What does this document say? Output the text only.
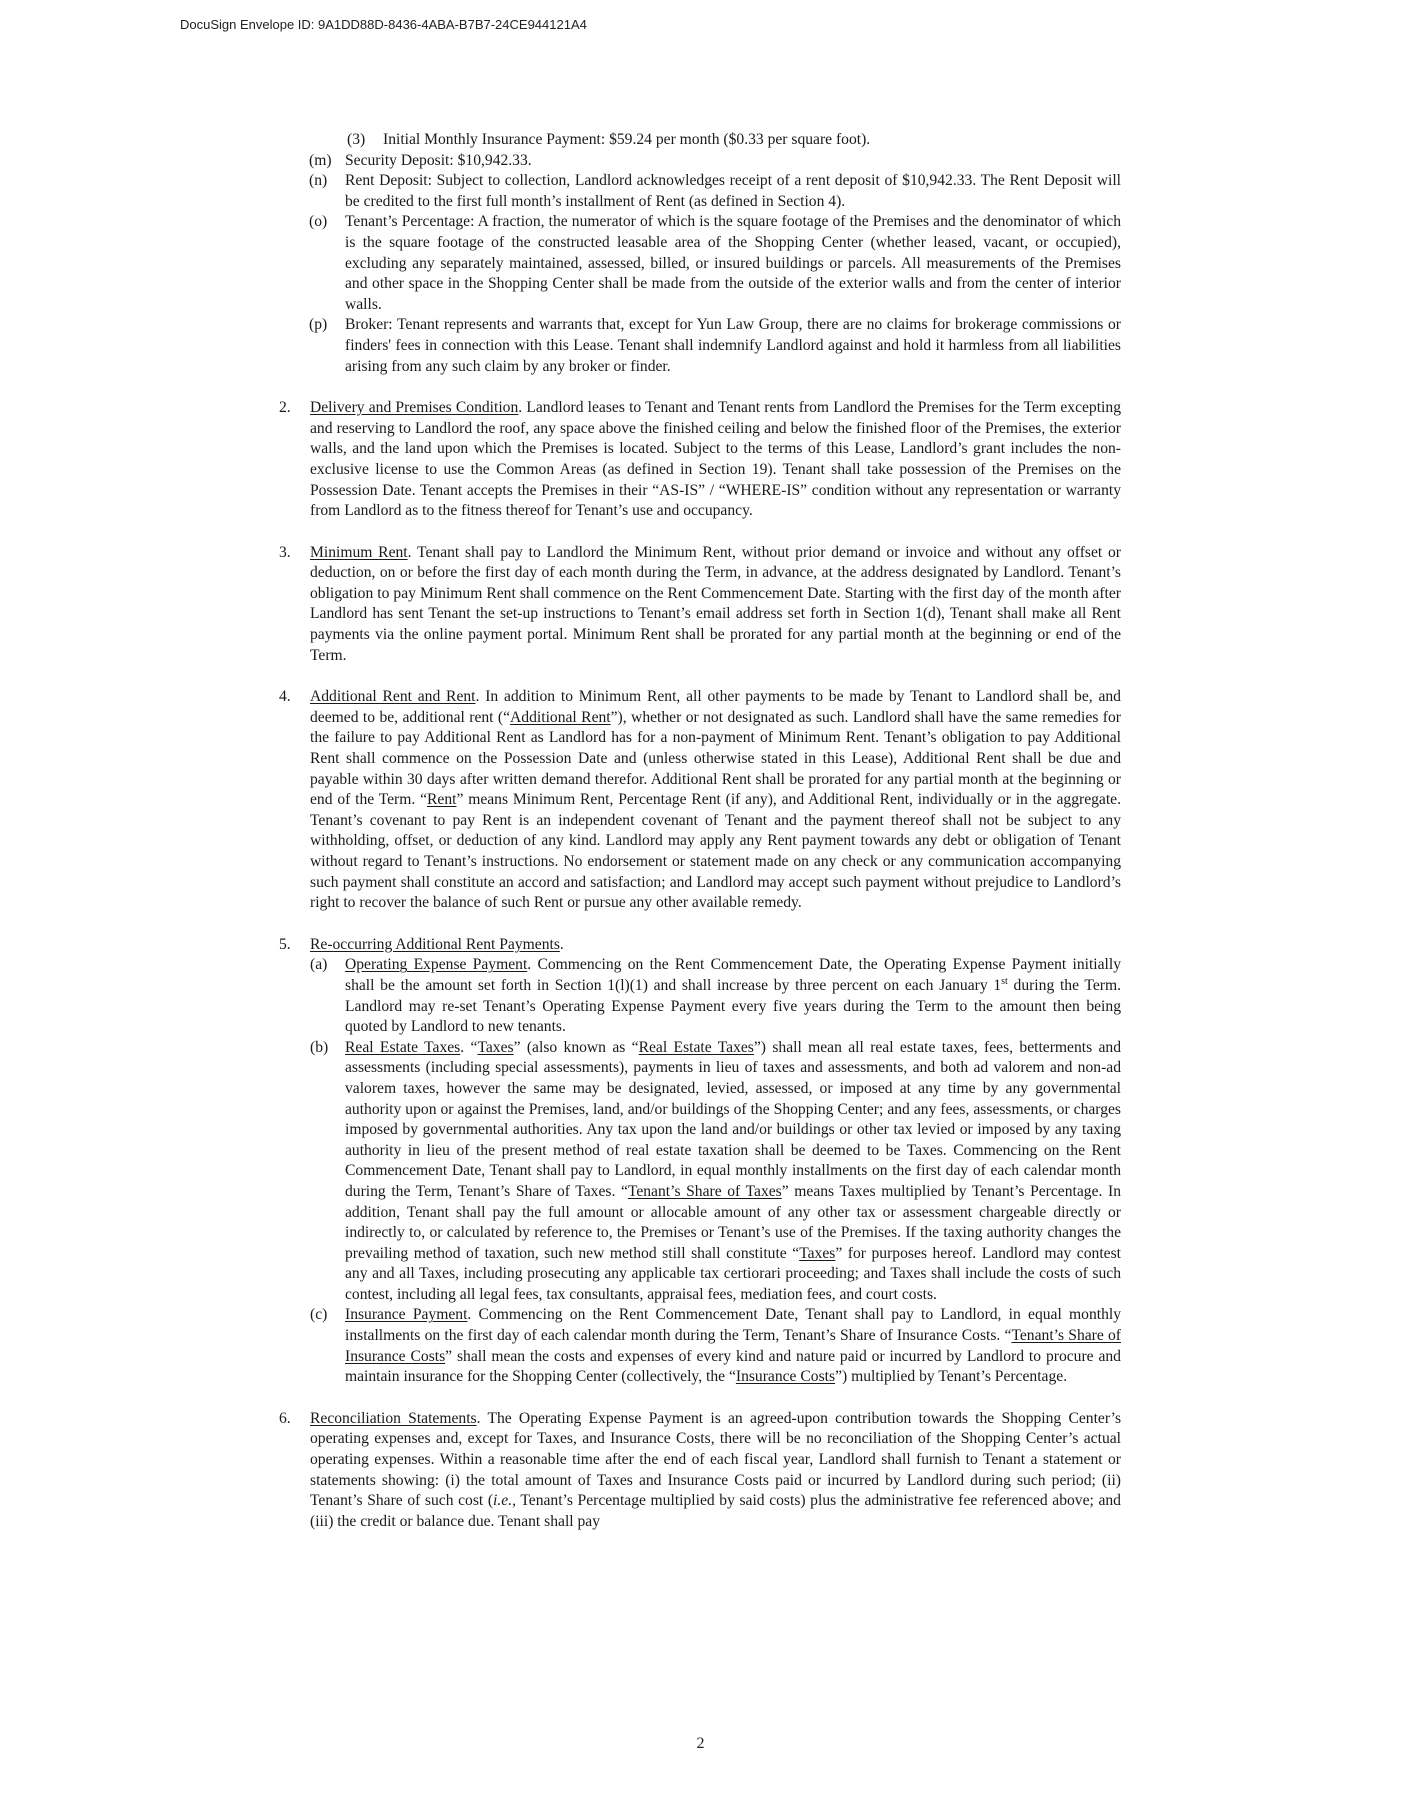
DocuSign Envelope ID: 9A1DD88D-8436-4ABA-B7B7-24CE944121A4
(3) Initial Monthly Insurance Payment: $59.24 per month ($0.33 per square foot).
(m) Security Deposit: $10,942.33.
(n) Rent Deposit: Subject to collection, Landlord acknowledges receipt of a rent deposit of $10,942.33. The Rent Deposit will be credited to the first full month’s installment of Rent (as defined in Section 4).
(o) Tenant’s Percentage: A fraction, the numerator of which is the square footage of the Premises and the denominator of which is the square footage of the constructed leasable area of the Shopping Center (whether leased, vacant, or occupied), excluding any separately maintained, assessed, billed, or insured buildings or parcels. All measurements of the Premises and other space in the Shopping Center shall be made from the outside of the exterior walls and from the center of interior walls.
(p) Broker: Tenant represents and warrants that, except for Yun Law Group, there are no claims for brokerage commissions or finders' fees in connection with this Lease. Tenant shall indemnify Landlord against and hold it harmless from all liabilities arising from any such claim by any broker or finder.
2. Delivery and Premises Condition. Landlord leases to Tenant and Tenant rents from Landlord the Premises for the Term excepting and reserving to Landlord the roof, any space above the finished ceiling and below the finished floor of the Premises, the exterior walls, and the land upon which the Premises is located. Subject to the terms of this Lease, Landlord’s grant includes the non-exclusive license to use the Common Areas (as defined in Section 19). Tenant shall take possession of the Premises on the Possession Date. Tenant accepts the Premises in their “AS-IS” / “WHERE-IS” condition without any representation or warranty from Landlord as to the fitness thereof for Tenant’s use and occupancy.

3. Minimum Rent. Tenant shall pay to Landlord the Minimum Rent, without prior demand or invoice and without any offset or deduction, on or before the first day of each month during the Term, in advance, at the address designated by Landlord. Tenant’s obligation to pay Minimum Rent shall commence on the Rent Commencement Date. Starting with the first day of the month after Landlord has sent Tenant the set-up instructions to Tenant’s email address set forth in Section 1(d), Tenant shall make all Rent payments via the online payment portal. Minimum Rent shall be prorated for any partial month at the beginning or end of the Term.

4. Additional Rent and Rent. In addition to Minimum Rent, all other payments to be made by Tenant to Landlord shall be, and deemed to be, additional rent (“Additional Rent”), whether or not designated as such. Landlord shall have the same remedies for the failure to pay Additional Rent as Landlord has for a non-payment of Minimum Rent. Tenant’s obligation to pay Additional Rent shall commence on the Possession Date and (unless otherwise stated in this Lease), Additional Rent shall be due and payable within 30 days after written demand therefor. Additional Rent shall be prorated for any partial month at the beginning or end of the Term. “Rent” means Minimum Rent, Percentage Rent (if any), and Additional Rent, individually or in the aggregate. Tenant’s covenant to pay Rent is an independent covenant of Tenant and the payment thereof shall not be subject to any withholding, offset, or deduction of any kind. Landlord may apply any Rent payment towards any debt or obligation of Tenant without regard to Tenant’s instructions. No endorsement or statement made on any check or any communication accompanying such payment shall constitute an accord and satisfaction; and Landlord may accept such payment without prejudice to Landlord’s right to recover the balance of such Rent or pursue any other available remedy.

5. Re-occurring Additional Rent Payments.

(a) Operating Expense Payment. Commencing on the Rent Commencement Date, the Operating Expense Payment initially shall be the amount set forth in Section 1(l)(1) and shall increase by three percent on each January 1st during the Term. Landlord may re-set Tenant’s Operating Expense Payment every five years during the Term to the amount then being quoted by Landlord to new tenants.

(b) Real Estate Taxes. “Taxes” (also known as “Real Estate Taxes”) shall mean all real estate taxes, fees, betterments and assessments (including special assessments), payments in lieu of taxes and assessments, and both ad valorem and non-ad valorem taxes, however the same may be designated, levied, assessed, or imposed at any time by any governmental authority upon or against the Premises, land, and/or buildings of the Shopping Center; and any fees, assessments, or charges imposed by governmental authorities. Any tax upon the land and/or buildings or other tax levied or imposed by any taxing authority in lieu of the present method of real estate taxation shall be deemed to be Taxes. Commencing on the Rent Commencement Date, Tenant shall pay to Landlord, in equal monthly installments on the first day of each calendar month during the Term, Tenant’s Share of Taxes. “Tenant’s Share of Taxes” means Taxes multiplied by Tenant’s Percentage. In addition, Tenant shall pay the full amount or allocable amount of any other tax or assessment chargeable directly or indirectly to, or calculated by reference to, the Premises or Tenant’s use of the Premises. If the taxing authority changes the prevailing method of taxation, such new method still shall constitute “Taxes” for purposes hereof. Landlord may contest any and all Taxes, including prosecuting any applicable tax certiorari proceeding; and Taxes shall include the costs of such contest, including all legal fees, tax consultants, appraisal fees, mediation fees, and court costs.

(c) Insurance Payment. Commencing on the Rent Commencement Date, Tenant shall pay to Landlord, in equal monthly installments on the first day of each calendar month during the Term, Tenant’s Share of Insurance Costs. “Tenant’s Share of Insurance Costs” shall mean the costs and expenses of every kind and nature paid or incurred by Landlord to procure and maintain insurance for the Shopping Center (collectively, the “Insurance Costs”) multiplied by Tenant’s Percentage.

6. Reconciliation Statements. The Operating Expense Payment is an agreed-upon contribution towards the Shopping Center’s operating expenses and, except for Taxes, and Insurance Costs, there will be no reconciliation of the Shopping Center’s actual operating expenses. Within a reasonable time after the end of each fiscal year, Landlord shall furnish to Tenant a statement or statements showing: (i) the total amount of Taxes and Insurance Costs paid or incurred by Landlord during such period; (ii) Tenant’s Share of such cost (i.e., Tenant’s Percentage multiplied by said costs) plus the administrative fee referenced above; and (iii) the credit or balance due. Tenant shall pay

2
